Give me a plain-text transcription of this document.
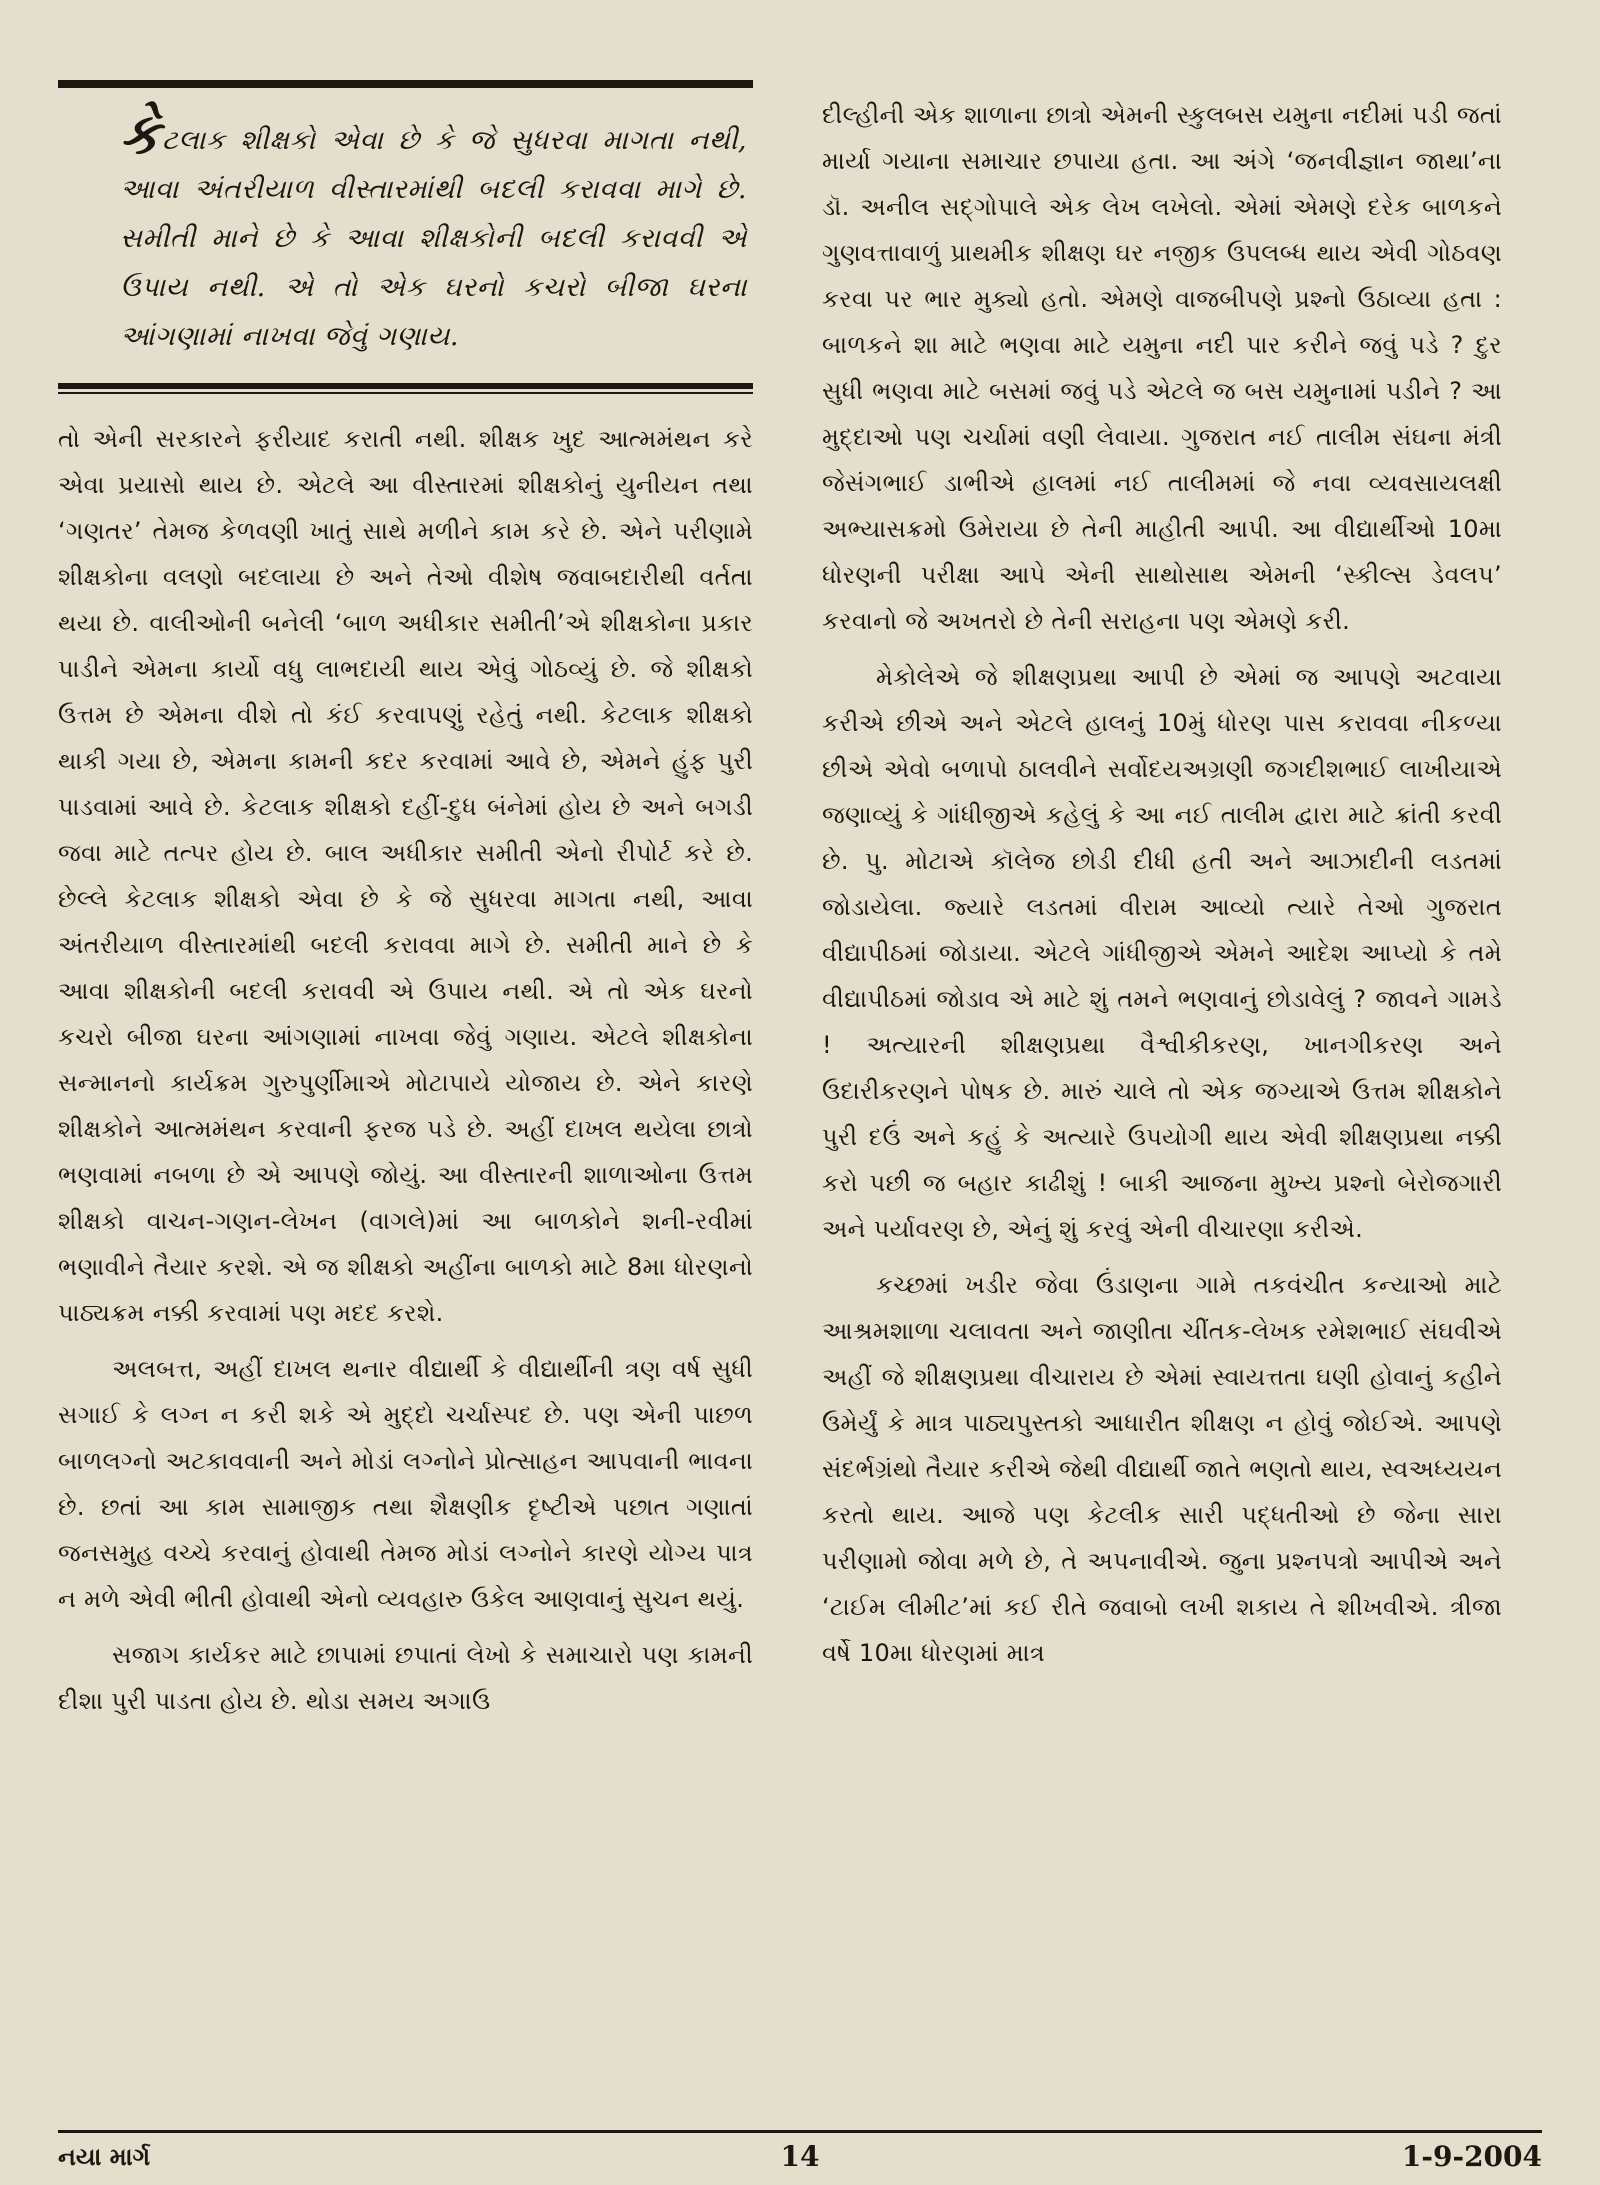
કેટલાક શીક્ષકો એવા છે કે જે સુધરવા માગતા નથી, આવા અંતરીયાળ વીસ્તારમાંથી બદલી કરાવવા માગે છે. સમીતી માને છે કે આવા શીક્ષકોની બદલી કરાવવી એ ઉપાય નથી. એ તો એક ઘરનો કચરો બીજા ઘરના આંગણામાં નાખવા જેવું ગણાય.

તો એની સરકારને ફરીયાદ કરાતી નથી. શીક્ષક ખુદ આત્મમંથન કરે એવા પ્રયાસો થાય છે. એટલે આ વીસ્તારમાં શીક્ષકોનું યુનીયન તથા ‘ગણતર’ તેમજ કેળવણી ખાતું સાથે મળીને કામ કરે છે. એને પરીણામે શીક્ષકોના વલણો બદલાયા છે અને તેઓ વીશેષ જવાબદારીથી વર્તતા થયા છે. વાલીઓની બનેલી ‘બાળ અધીકાર સમીતી’એ શીક્ષકોના પ્રકાર પાડીને એમના કાર્યો વધુ લાભદાયી થાય એવું ગોઠવ્યું છે. જે શીક્ષકો ઉત્તમ છે એમના વીશે તો કંઈ કરવાપણું રહેતું નથી. કેટલાક શીક્ષકો થાકી ગયા છે, એમના કામની કદર કરવામાં આવે છે, એમને હુંફ પુરી પાડવામાં આવે છે. કેટલાક શીક્ષકો દહીં-દુધ બંનેમાં હોય છે અને બગડી જવા માટે તત્પર હોય છે. બાલ અધીકાર સમીતી એનો રીપોર્ટ કરે છે. છેલ્લે કેટલાક શીક્ષકો એવા છે કે જે સુધરવા માગતા નથી, આવા અંતરીયાળ વીસ્તારમાંથી બદલી કરાવવા માગે છે. સમીતી માને છે કે આવા શીક્ષકોની બદલી કરાવવી એ ઉપાય નથી. એ તો એક ઘરનો કચરો બીજા ઘરના આંગણામાં નાખવા જેવું ગણાય. એટલે શીક્ષકોના સન્માનનો કાર્યક્રમ ગુરુપુર્ણીમાએ મોટાપાયે યોજાય છે. એને કારણે શીક્ષકોને આત્મમંથન કરવાની ફરજ પડે છે. અહીં દાખલ થયેલા છાત્રો ભણવામાં નબળા છે એ આપણે જોયું. આ વીસ્તારની શાળાઓના ઉત્તમ શીક્ષકો વાચન-ગણન-લેખન (વાગલે)માં આ બાળકોને શની-રવીમાં ભણાવીને તૈયાર કરશે. એ જ શીક્ષકો અહીંના બાળકો માટે 8મા ધોરણનો પાઠ્યક્રમ નક્કી કરવામાં પણ મદદ કરશે.

અલબત્ત, અહીં દાખલ થનાર વીદ્યાર્થી કે વીદ્યાર્થીની ત્રણ વર્ષ સુધી સગાઈ કે લગ્ન ન કરી શકે એ મુદ્દો ચર્ચાસ્પદ છે. પણ એની પાછળ બાળલગ્નો અટકાવવાની અને મોડાં લગ્નોને પ્રોત્સાહન આપવાની ભાવના છે. છતાં આ કામ સામાજીક તથા શૈક્ષણીક દૃષ્ટીએ પછાત ગણાતાં જનસમુહ વચ્ચે કરવાનું હોવાથી તેમજ મોડાં લગ્નોને કારણે યોગ્ય પાત્ર ન મળે એવી ભીતી હોવાથી એનો વ્યવહારુ ઉકેલ આણવાનું સુચન થયું.

સજાગ કાર્યકર માટે છાપામાં છપાતાં લેખો કે સમાચારો પણ કામની દીશા પુરી પાડતા હોય છે. થોડા સમય અગાઉ

દીલ્હીની એક શાળાના છાત્રો એમની સ્કુલબસ યમુના નદીમાં પડી જતાં માર્યા ગયાના સમાચાર છપાયા હતા. આ અંગે ‘જનવીજ્ઞાન જાથા’ના ડૉ. અનીલ સદ્ગોપાલે એક લેખ લખેલો. એમાં એમણે દરેક બાળકને ગુણવત્તાવાળું પ્રાથમીક શીક્ષણ ઘર નજીક ઉપલબ્ધ થાય એવી ગોઠવણ કરવા પર ભાર મુક્યો હતો. એમણે વાજબીપણે પ્રશ્નો ઉઠાવ્યા હતા : બાળકને શા માટે ભણવા માટે યમુના નદી પાર કરીને જવું પડે ? દુર સુધી ભણવા માટે બસમાં જવું પડે એટલે જ બસ યમુનામાં પડીને ? આ મુદ્દાઓ પણ ચર્ચામાં વણી લેવાયા. ગુજરાત નઈ તાલીમ સંઘના મંત્રી જેસંગભાઈ ડાભીએ હાલમાં નઈ તાલીમમાં જે નવા વ્યવસાયલક્ષી અભ્યાસક્રમો ઉમેરાયા છે તેની માહીતી આપી. આ વીદ્યાર્થીઓ 10મા ધોરણની પરીક્ષા આપે એની સાથોસાથ એમની ‘સ્કીલ્સ ડેવલપ’ કરવાનો જે અખતરો છે તેની સરાહના પણ એમણે કરી.

મેકોલેએ જે શીક્ષણપ્રથા આપી છે એમાં જ આપણે અટવાયા કરીએ છીએ અને એટલે હાલનું 10મું ધોરણ પાસ કરાવવા નીકળ્યા છીએ એવો બળાપો ઠાલવીને સર્વોદયઅગ્રણી જગદીશભાઈ લાખીયાએ જણાવ્યું કે ગાંધીજીએ કહેલું કે આ નઈ તાલીમ દ્વારા માટે ક્રાંતી કરવી છે. પુ. મોટાએ કૉલેજ છોડી દીધી હતી અને આઝાદીની લડતમાં જોડાયેલા. જ્યારે લડતમાં વીરામ આવ્યો ત્યારે તેઓ ગુજરાત વીદ્યાપીઠમાં જોડાયા. એટલે ગાંધીજીએ એમને આદેશ આપ્યો કે તમે વીદ્યાપીઠમાં જોડાવ એ માટે શું તમને ભણવાનું છોડાવેલું ? જાવને ગામડે ! અત્યારની શીક્ષણપ્રથા વૈશ્વીકીકરણ, ખાનગીકરણ અને ઉદારીકરણને પોષક છે. મારું ચાલે તો એક જગ્યાએ ઉત્તમ શીક્ષકોને પુરી દઉં અને કહું કે અત્યારે ઉપયોગી થાય એવી શીક્ષણપ્રથા નક્કી કરો પછી જ બહાર કાઢીશું ! બાકી આજના મુખ્ય પ્રશ્નો બેરોજગારી અને પર્યાવરણ છે, એનું શું કરવું એની વીચારણા કરીએ.

કચ્છમાં ખડીર જેવા ઉંડાણના ગામે તકવંચીત કન્યાઓ માટે આશ્રમશાળા ચલાવતા અને જાણીતા ચીંતક-લેખક રમેશભાઈ સંઘવીએ અહીં જે શીક્ષણપ્રથા વીચારાય છે એમાં સ્વાયત્તતા ઘણી હોવાનું કહીને ઉમેર્યું કે માત્ર પાઠ્યપુસ્તકો આધારીત શીક્ષણ ન હોવું જોઈએ. આપણે સંદર્ભગ્રંથો તૈયાર કરીએ જેથી વીદ્યાર્થી જાતે ભણતો થાય, સ્વઅધ્યયન કરતો થાય. આજે પણ કેટલીક સારી પદ્ધતીઓ છે જેના સારા પરીણામો જોવા મળે છે, તે અપનાવીએ. જુના પ્રશ્નપત્રો આપીએ અને ‘ટાઈમ લીમીટ’માં કઈ રીતે જવાબો લખી શકાય તે શીખવીએ. ત્રીજા વર્ષે 10મા ધોરણમાં માત્ર

નયા માર્ગ	14	1-9-2004
